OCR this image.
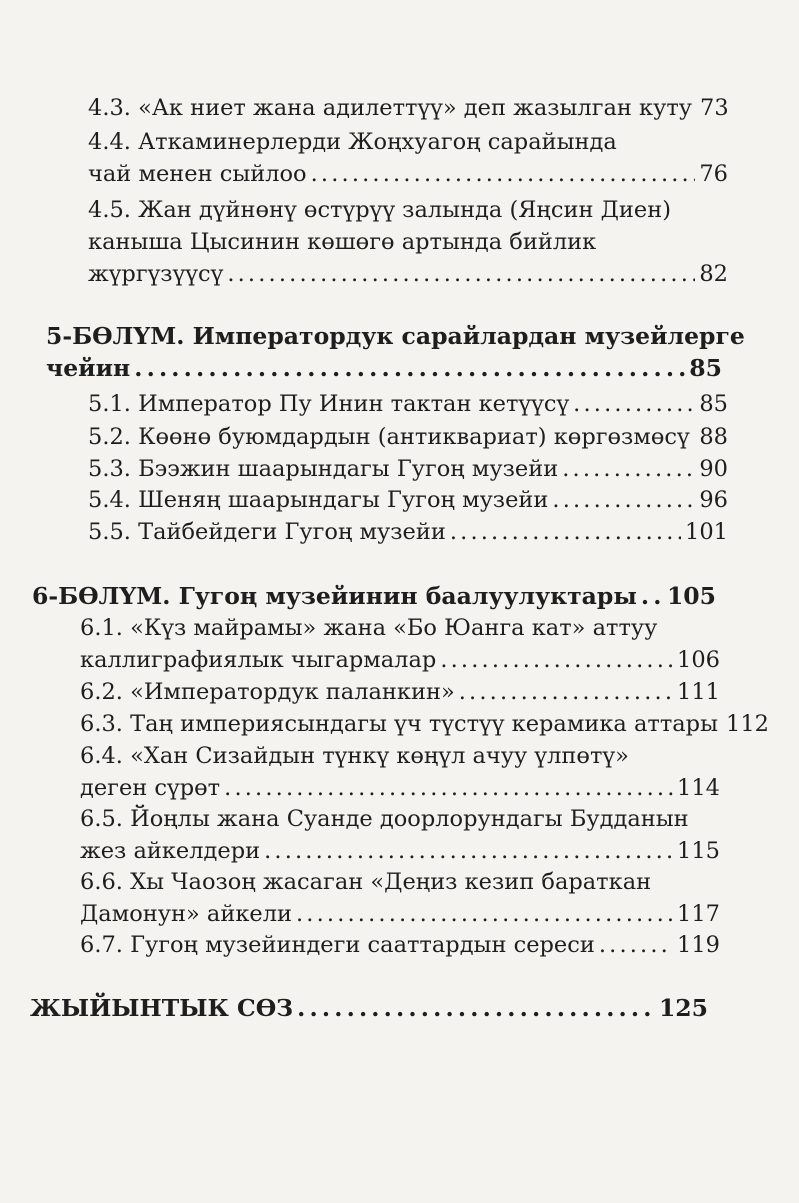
4.3. «Ак ниет жана адилеттүү» деп жазылган куту 73
4.4. Аткаминерлерди Жоңхуагоң сарайында
чай менен сыйлоо . . .	76
4.5. Жан дүйнөнү өстүрүү залында (Яңсин Диен)
канышa Цысинин көшөгө артында бийлик
жүргүзүүсү . . .	82
5-БӨЛҮМ. Императордук сарайлардан музейлерге
чейин . . .	85
5.1. Император Пу Инин тактан кетүүсү . . .	85
5.2. Көөнө буюмдардын (антиквариат) көргөзмөсү . . . 88
5.3. Бээжин шаарындагы Гугоң музейи . . .	90
5.4. Шеняң шаарындагы Гугоң музейи . . .	96
5.5. Тайбейдеги Гугоң музейи . . .	101
6-БӨЛҮМ. Гугоң музейинин баалуулуктары . . . 105
6.1. «Күз майрамы» жана «Бо Юанга кат» аттуу
каллиграфиялык чыгармалар . . .	106
6.2. «Императордук паланкин» . . .	111
6.3. Таң империясындагы үч түстүү керамика аттары 112
6.4. «Хан Сизайдын түнкү көңүл ачуу үлпөтү»
деген сүрөт . . .	114
6.5. Йоңлы жана Суанде доорлорундагы Будданын
жез айкелдери . . .	115
6.6. Хы Чаозоң жасаган «Деңиз кезип бараткан
Дамонун» айкели . . .	117
6.7. Гугоң музейиндеги сааттардын сереси . . .	119
ЖЫЙЫНТЫК СӨЗ . . .	125
